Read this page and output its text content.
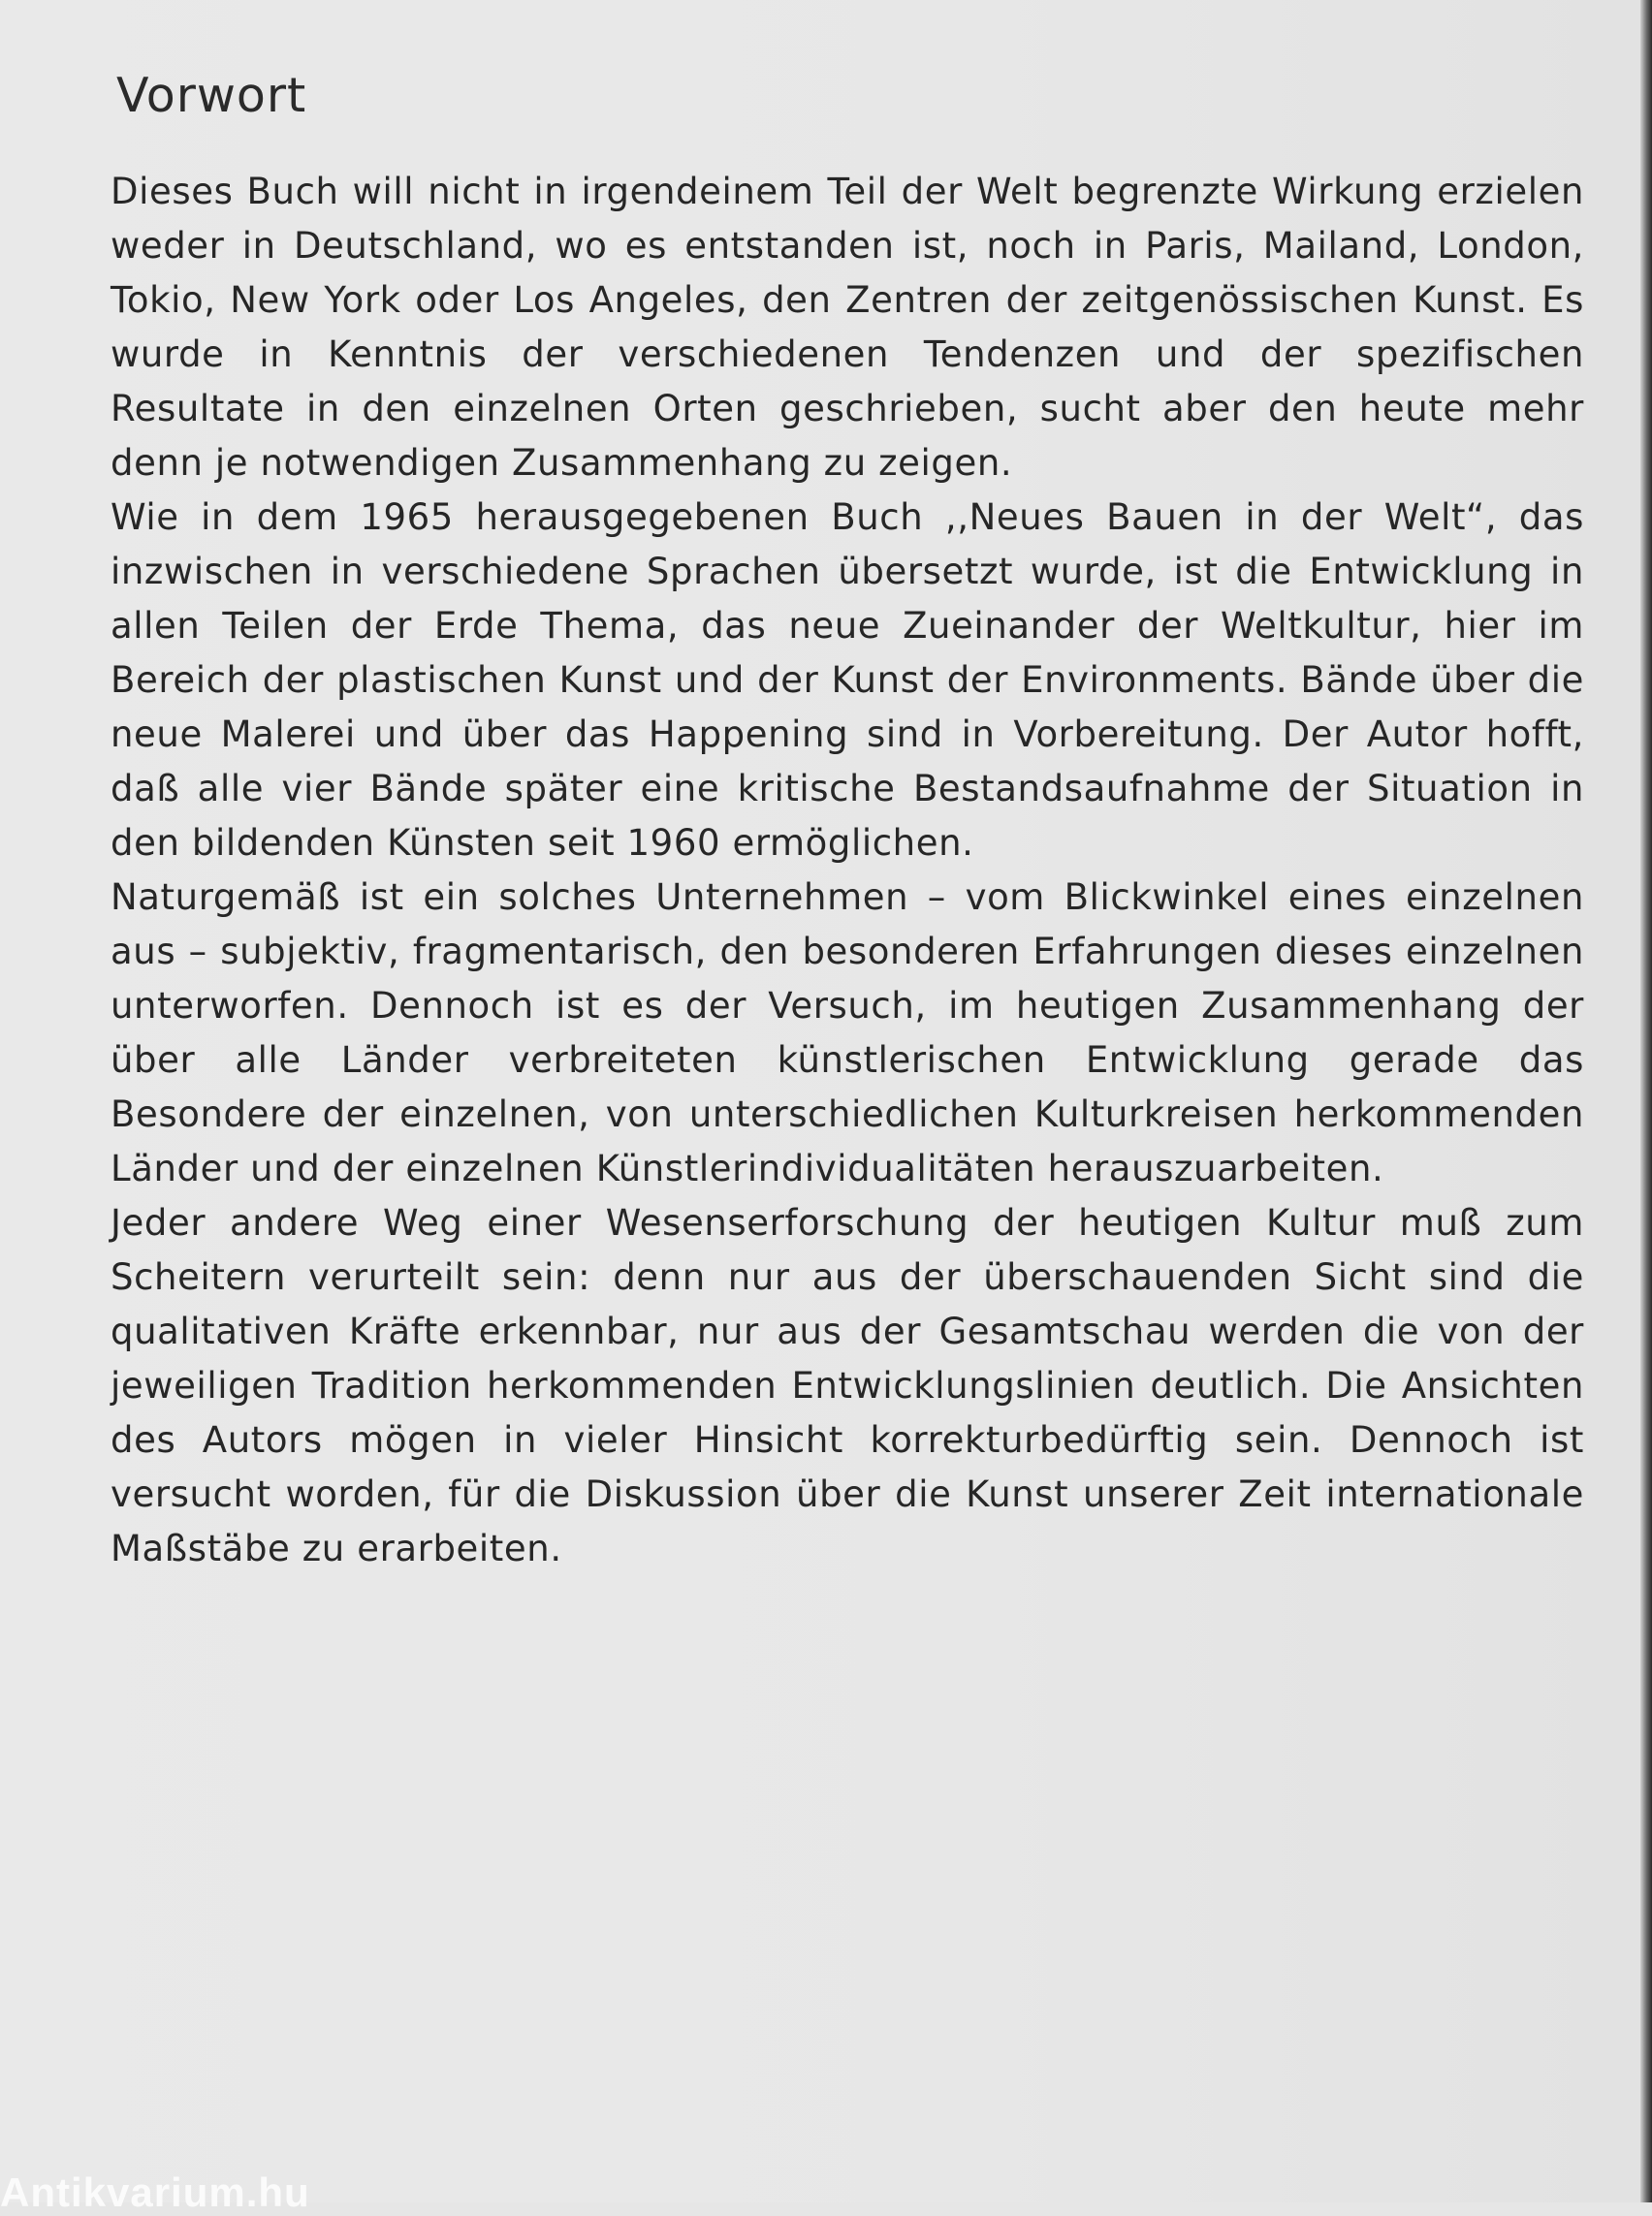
Vorwort

Dieses Buch will nicht in irgendeinem Teil der Welt begrenzte Wirkung erzielen weder in Deutschland, wo es entstanden ist, noch in Paris, Mailand, London, Tokio, New York oder Los Angeles, den Zentren der zeitgenössischen Kunst. Es wurde in Kenntnis der verschiedenen Tendenzen und der spezifischen Resultate in den einzelnen Orten geschrieben, sucht aber den heute mehr denn je notwendigen Zusammenhang zu zeigen.

Wie in dem 1965 herausgegebenen Buch ,,Neues Bauen in der Welt“, das inzwischen in verschiedene Sprachen übersetzt wurde, ist die Entwicklung in allen Teilen der Erde Thema, das neue Zueinander der Weltkultur, hier im Bereich der plastischen Kunst und der Kunst der Environments. Bände über die neue Malerei und über das Happening sind in Vorbereitung. Der Autor hofft, daß alle vier Bände später eine kritische Bestandsaufnahme der Situation in den bildenden Künsten seit 1960 ermöglichen.

Naturgemäß ist ein solches Unternehmen – vom Blickwinkel eines einzelnen aus – subjektiv, fragmentarisch, den besonderen Erfahrungen dieses einzelnen unterworfen. Dennoch ist es der Versuch, im heutigen Zusammenhang der über alle Länder verbreiteten künstlerischen Entwicklung gerade das Besondere der einzelnen, von unterschiedlichen Kulturkreisen herkommenden Länder und der einzelnen Künstlerindividualitäten herauszuarbeiten.

Jeder andere Weg einer Wesenserforschung der heutigen Kultur muß zum Scheitern verurteilt sein: denn nur aus der überschauenden Sicht sind die qualitativen Kräfte erkennbar, nur aus der Gesamtschau werden die von der jeweiligen Tradition herkommenden Entwicklungslinien deutlich. Die Ansichten des Autors mögen in vieler Hinsicht korrekturbedürftig sein. Dennoch ist versucht worden, für die Diskussion über die Kunst unserer Zeit internationale Maßstäbe zu erarbeiten.

Antikvarium.hu
